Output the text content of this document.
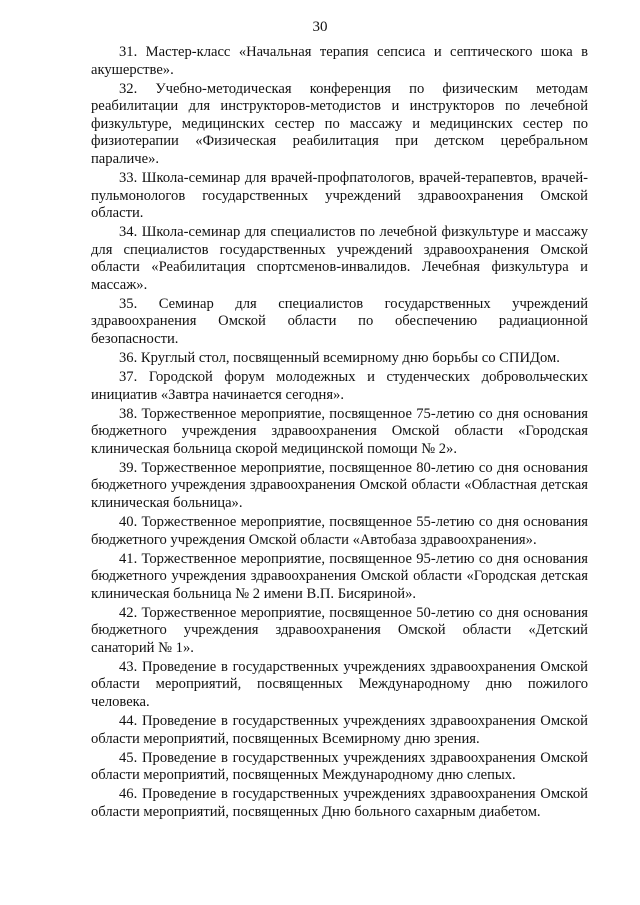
30

31. Мастер-класс «Начальная терапия сепсиса и септического шока в акушерстве».

32. Учебно-методическая конференция по физическим методам реабилитации для инструкторов-методистов и инструкторов по лечебной физкультуре, медицинских сестер по массажу и медицинских сестер по физиотерапии «Физическая реабилитация при детском церебральном параличе».

33. Школа-семинар для врачей-профпатологов, врачей-терапевтов, врачей-пульмонологов государственных учреждений здравоохранения Омской области.

34. Школа-семинар для специалистов по лечебной физкультуре и массажу для специалистов государственных учреждений здравоохранения Омской области «Реабилитация спортсменов-инвалидов. Лечебная физкультура и массаж».

35. Семинар для специалистов государственных учреждений здравоохранения Омской области по обеспечению радиационной безопасности.

36. Круглый стол, посвященный всемирному дню борьбы со СПИДом.

37. Городской форум молодежных и студенческих добровольческих инициатив «Завтра начинается сегодня».

38. Торжественное мероприятие, посвященное 75-летию со дня основания бюджетного учреждения здравоохранения Омской области «Городская клиническая больница скорой медицинской помощи № 2».

39. Торжественное мероприятие, посвященное 80-летию со дня основания бюджетного учреждения здравоохранения Омской области «Областная детская клиническая больница».

40. Торжественное мероприятие, посвященное 55-летию со дня основания бюджетного учреждения Омской области «Автобаза здравоохранения».

41. Торжественное мероприятие, посвященное 95-летию со дня основания бюджетного учреждения здравоохранения Омской области «Городская детская клиническая больница № 2 имени В.П. Бисяриной».

42. Торжественное мероприятие, посвященное 50-летию со дня основания бюджетного учреждения здравоохранения Омской области «Детский санаторий № 1».

43. Проведение в государственных учреждениях здравоохранения Омской области мероприятий, посвященных Международному дню пожилого человека.

44. Проведение в государственных учреждениях здравоохранения Омской области мероприятий, посвященных Всемирному дню зрения.

45. Проведение в государственных учреждениях здравоохранения Омской области мероприятий, посвященных Международному дню слепых.

46. Проведение в государственных учреждениях здравоохранения Омской области мероприятий, посвященных Дню больного сахарным диабетом.
